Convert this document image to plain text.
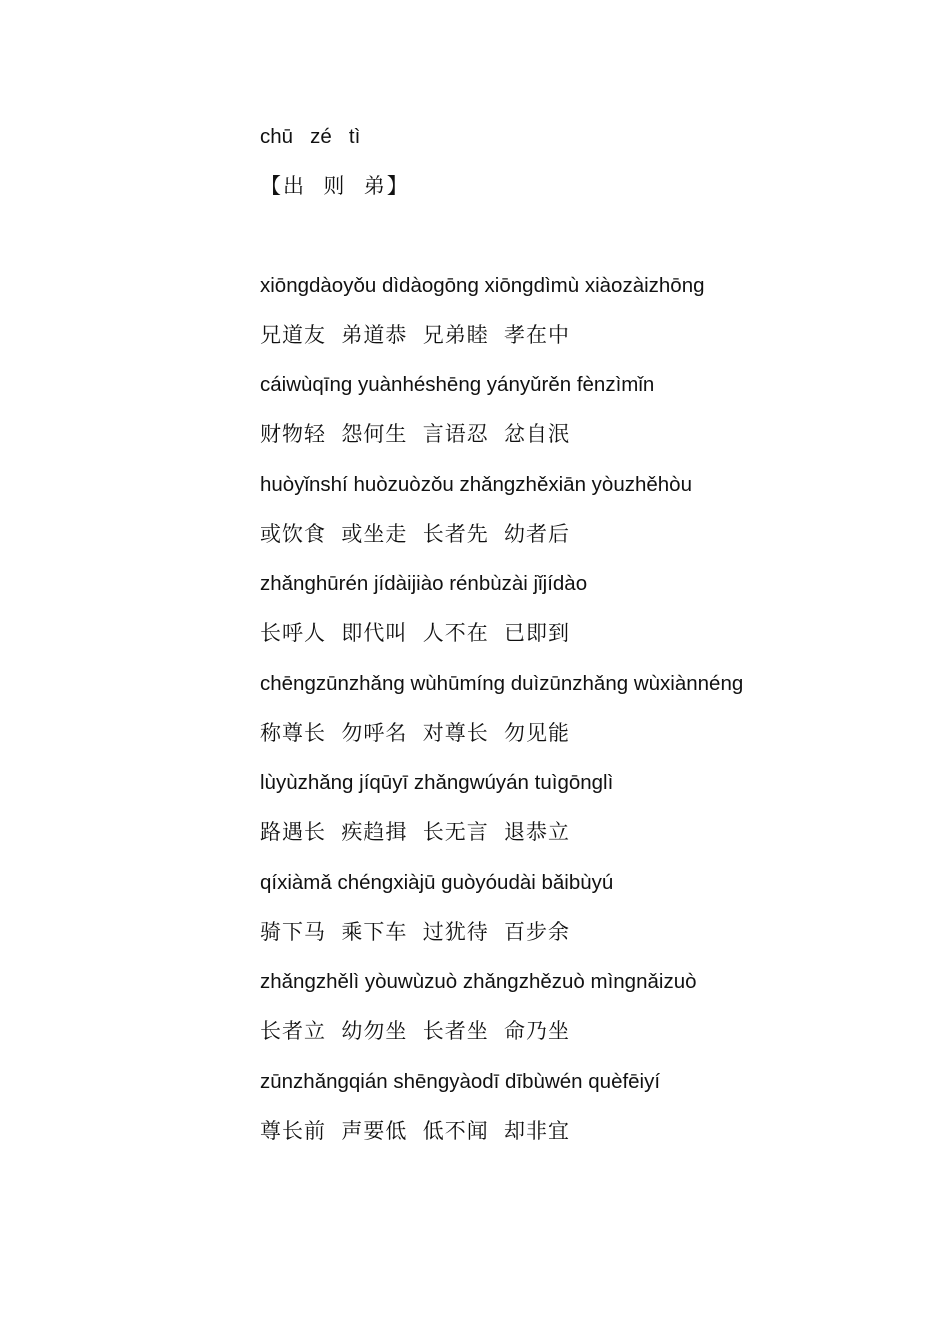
chū   zé   tì
【出  则  弟】
xiōngdàoyǒu dìdàogōng xiōngdìmù xiàozàizhōng
兄道友  弟道恭  兄弟睦  孝在中
cáiwùqīng yuànhéshēng yányǔrěn fènzìmǐn
财物轻  怨何生  言语忍  忿自泯
huòyǐnshí huòzuòzǒu zhǎngzhěxiān yòuzhěhòu
或饮食  或坐走  长者先  幼者后
zhǎnghūrén jídàijiào rénbùzài jǐjídào
长呼人  即代叫  人不在  已即到
chēngzūnzhǎng wùhūmíng duìzūnzhǎng wùxiànnéng
称尊长  勿呼名  对尊长  勿见能
lùyùzhǎng jíqūyī zhǎngwúyán tuìgōnglì
路遇长  疾趋揖  长无言  退恭立
qíxiàmǎ chéngxiàjū guòyóudài bǎibùyú
骑下马  乘下车  过犹待  百步余
zhǎngzhělì yòuwùzuò zhǎngzhězuò mìngnǎizuò
长者立  幼勿坐  长者坐  命乃坐
zūnzhǎngqián shēngyàodī dībùwén quèfēiyí
尊长前  声要低  低不闻  却非宜
